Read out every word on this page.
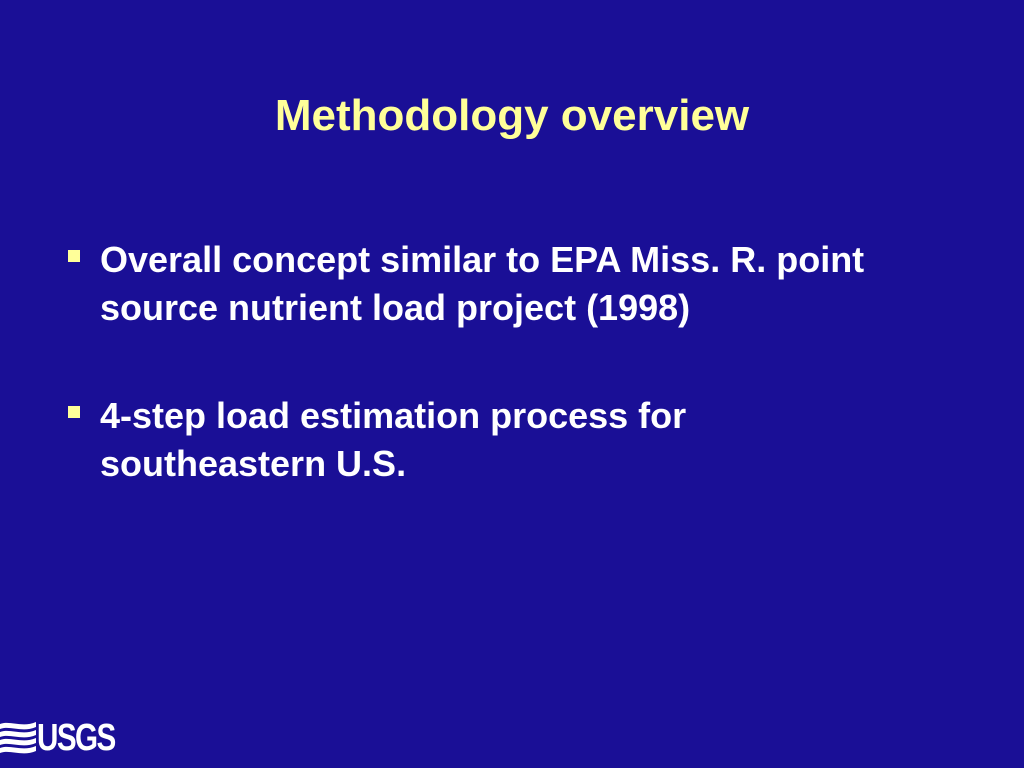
Methodology overview
Overall concept similar to EPA Miss. R. point
source nutrient load project (1998)
4-step load estimation process for
southeastern U.S.
USGS
